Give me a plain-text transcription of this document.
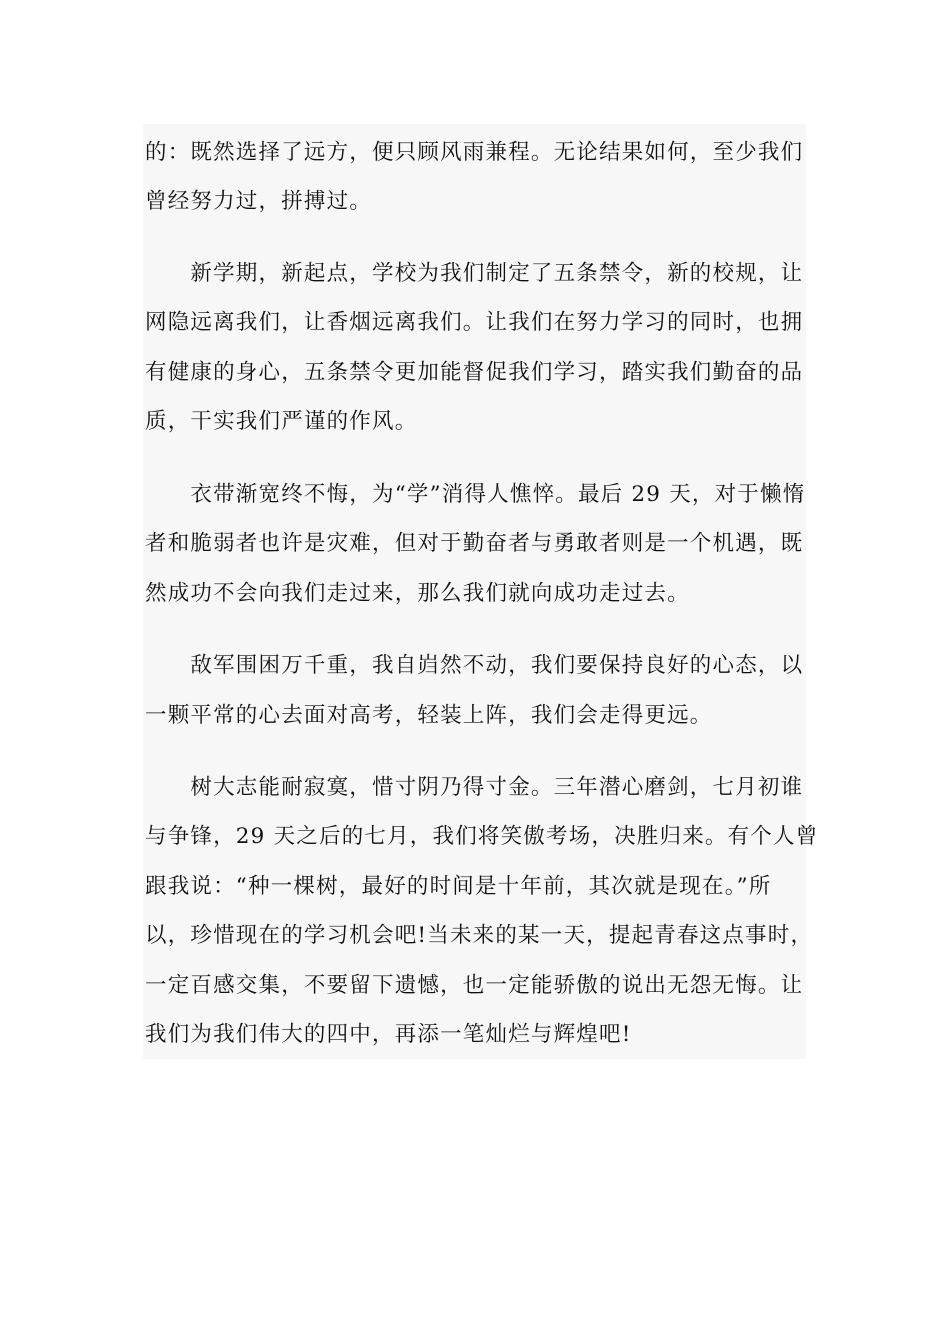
的：既然选择了远方，便只顾风雨兼程。无论结果如何，至少我们
曾经努力过，拼搏过。
　　新学期，新起点，学校为我们制定了五条禁令，新的校规，让
网隐远离我们，让香烟远离我们。让我们在努力学习的同时，也拥
有健康的身心，五条禁令更加能督促我们学习，踏实我们勤奋的品
质，干实我们严谨的作风。
　　衣带渐宽终不悔，为“学”消得人憔悴。最后 29 天，对于懒惰
者和脆弱者也许是灾难，但对于勤奋者与勇敢者则是一个机遇，既
然成功不会向我们走过来，那么我们就向成功走过去。
　　敌军围困万千重，我自岿然不动，我们要保持良好的心态，以
一颗平常的心去面对高考，轻装上阵，我们会走得更远。
　　树大志能耐寂寞，惜寸阴乃得寸金。三年潜心磨剑，七月初谁
与争锋，29 天之后的七月，我们将笑傲考场，决胜归来。有个人曾
跟我说：“种一棵树，最好的时间是十年前，其次就是现在。”所
以，珍惜现在的学习机会吧!当未来的某一天，提起青春这点事时，
一定百感交集，不要留下遗憾，也一定能骄傲的说出无怨无悔。让
我们为我们伟大的四中，再添一笔灿烂与辉煌吧!
